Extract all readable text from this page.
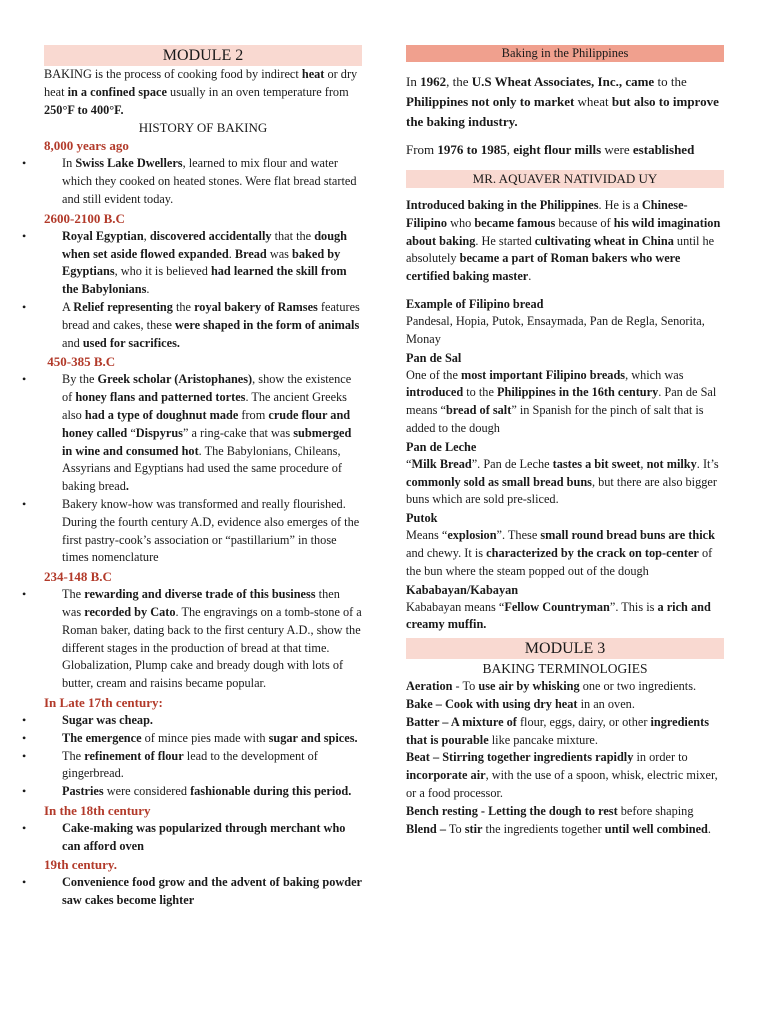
MODULE 2

BAKING is the process of cooking food by indirect heat or dry heat in a confined space usually in an oven temperature from 250°F to 400°F.

HISTORY OF BAKING
8,000 years ago

•	In Swiss Lake Dwellers, learned to mix flour and water which they cooked on heated stones. Were flat bread started and still evident today.

2600-2100 B.C

•	Royal Egyptian, discovered accidentally that the dough when set aside flowed expanded. Bread was baked by Egyptians, who it is believed had learned the skill from the Babylonians.

•	A Relief representing the royal bakery of Ramses features bread and cakes, these were shaped in the form of animals and used for sacrifices.

450-385 B.C

•	By the Greek scholar (Aristophanes), show the existence of honey flans and patterned tortes. The ancient Greeks also had a type of doughnut made from crude flour and honey called “Dispyrus” a ring-cake that was submerged in wine and consumed hot. The Babylonians, Chileans, Assyrians and Egyptians had used the same procedure of baking bread.

•	Bakery know-how was transformed and really flourished. During the fourth century A.D, evidence also emerges of the first pastry-cook’s association or “pastillarium” in those times nomenclature

234-148 B.C

•	The rewarding and diverse trade of this business then was recorded by Cato. The engravings on a tomb-stone of a Roman baker, dating back to the first century A.D., show the different stages in the production of bread at that time. Globalization, Plump cake and bready dough with lots of butter, cream and raisins became popular.

In Late 17th century:

•	Sugar was cheap.

•	The emergence of mince pies made with sugar and spices.

•	The refinement of flour lead to the development of gingerbread.

•	Pastries were considered fashionable during this period.

In the 18th century

•	Cake-making was popularized through merchant who can afford oven

19th century.

•	Convenience food grow and the advent of baking powder saw cakes become lighter

Baking in the Philippines

In 1962, the U.S Wheat Associates, Inc., came to the Philippines not only to market wheat but also to improve the baking industry.

From 1976 to 1985, eight flour mills were established

MR. AQUAVER NATIVIDAD UY

Introduced baking in the Philippines. He is a Chinese-Filipino who became famous because of his wild imagination about baking. He started cultivating wheat in China until he absolutely became a part of Roman bakers who were certified baking master.

Example of Filipino bread

Pandesal, Hopia, Putok, Ensaymada, Pan de Regla, Senorita, Monay

Pan de Sal

One of the most important Filipino breads, which was introduced to the Philippines in the 16th century. Pan de Sal means “bread of salt” in Spanish for the pinch of salt that is added to the dough

Pan de Leche

“Milk Bread”. Pan de Leche tastes a bit sweet, not milky. It’s commonly sold as small bread buns, but there are also bigger buns which are sold pre-sliced.

Putok

Means “explosion”. These small round bread buns are thick and chewy. It is characterized by the crack on top-center of the bun where the steam popped out of the dough

Kababayan/Kabayan

Kababayan means “Fellow Countryman”. This is a rich and creamy muffin.

MODULE 3
BAKING TERMINOLOGIES

Aeration - To use air by whisking one or two ingredients.

Bake – Cook with using dry heat in an oven.

Batter – A mixture of flour, eggs, dairy, or other ingredients that is pourable like pancake mixture.

Beat – Stirring together ingredients rapidly in order to incorporate air, with the use of a spoon, whisk, electric mixer, or a food processor.

Bench resting - Letting the dough to rest before shaping

Blend – To stir the ingredients together until well combined.
